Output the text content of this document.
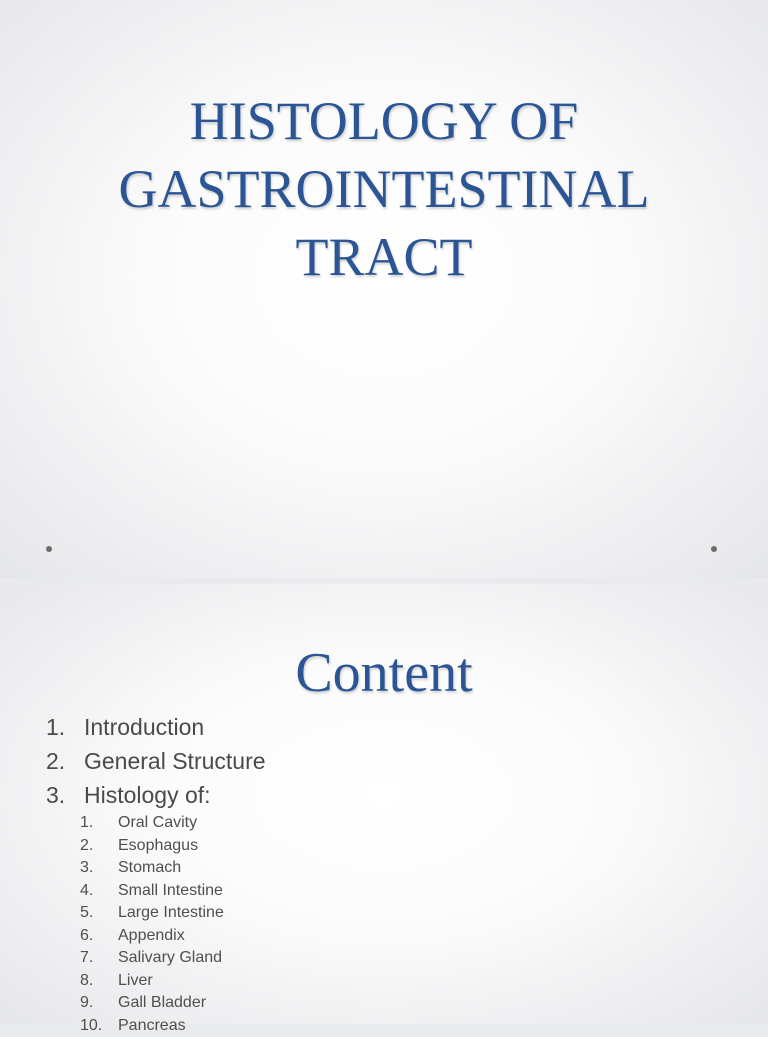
HISTOLOGY OF
GASTROINTESTINAL
TRACT
Content
1. Introduction
2. General Structure
3. Histology of:
1. Oral Cavity
2. Esophagus
3. Stomach
4. Small Intestine
5. Large Intestine
6. Appendix
7. Salivary Gland
8. Liver
9. Gall Bladder
10. Pancreas
